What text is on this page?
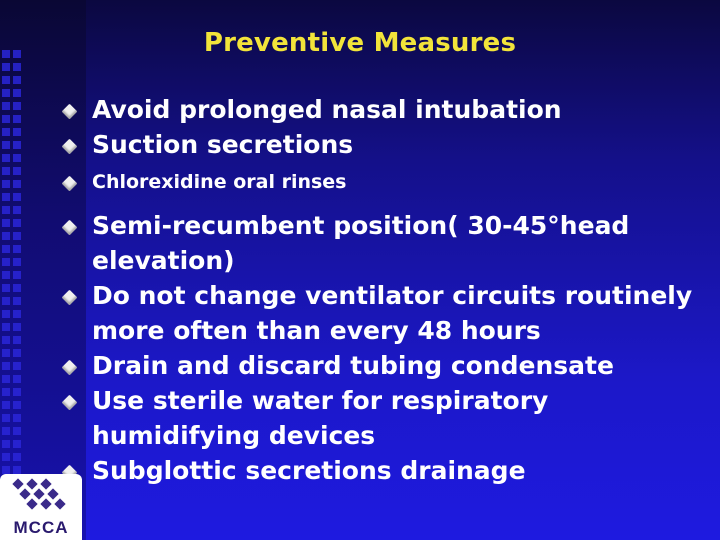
Preventive Measures
Avoid prolonged nasal intubation
Suction secretions
Chlorexidine oral rinses
Semi-recumbent position( 30-45°head elevation)
Do not change ventilator circuits routinely more often than every 48 hours
Drain and discard tubing condensate
Use sterile water for respiratory humidifying devices
Subglottic secretions drainage
MCCA
